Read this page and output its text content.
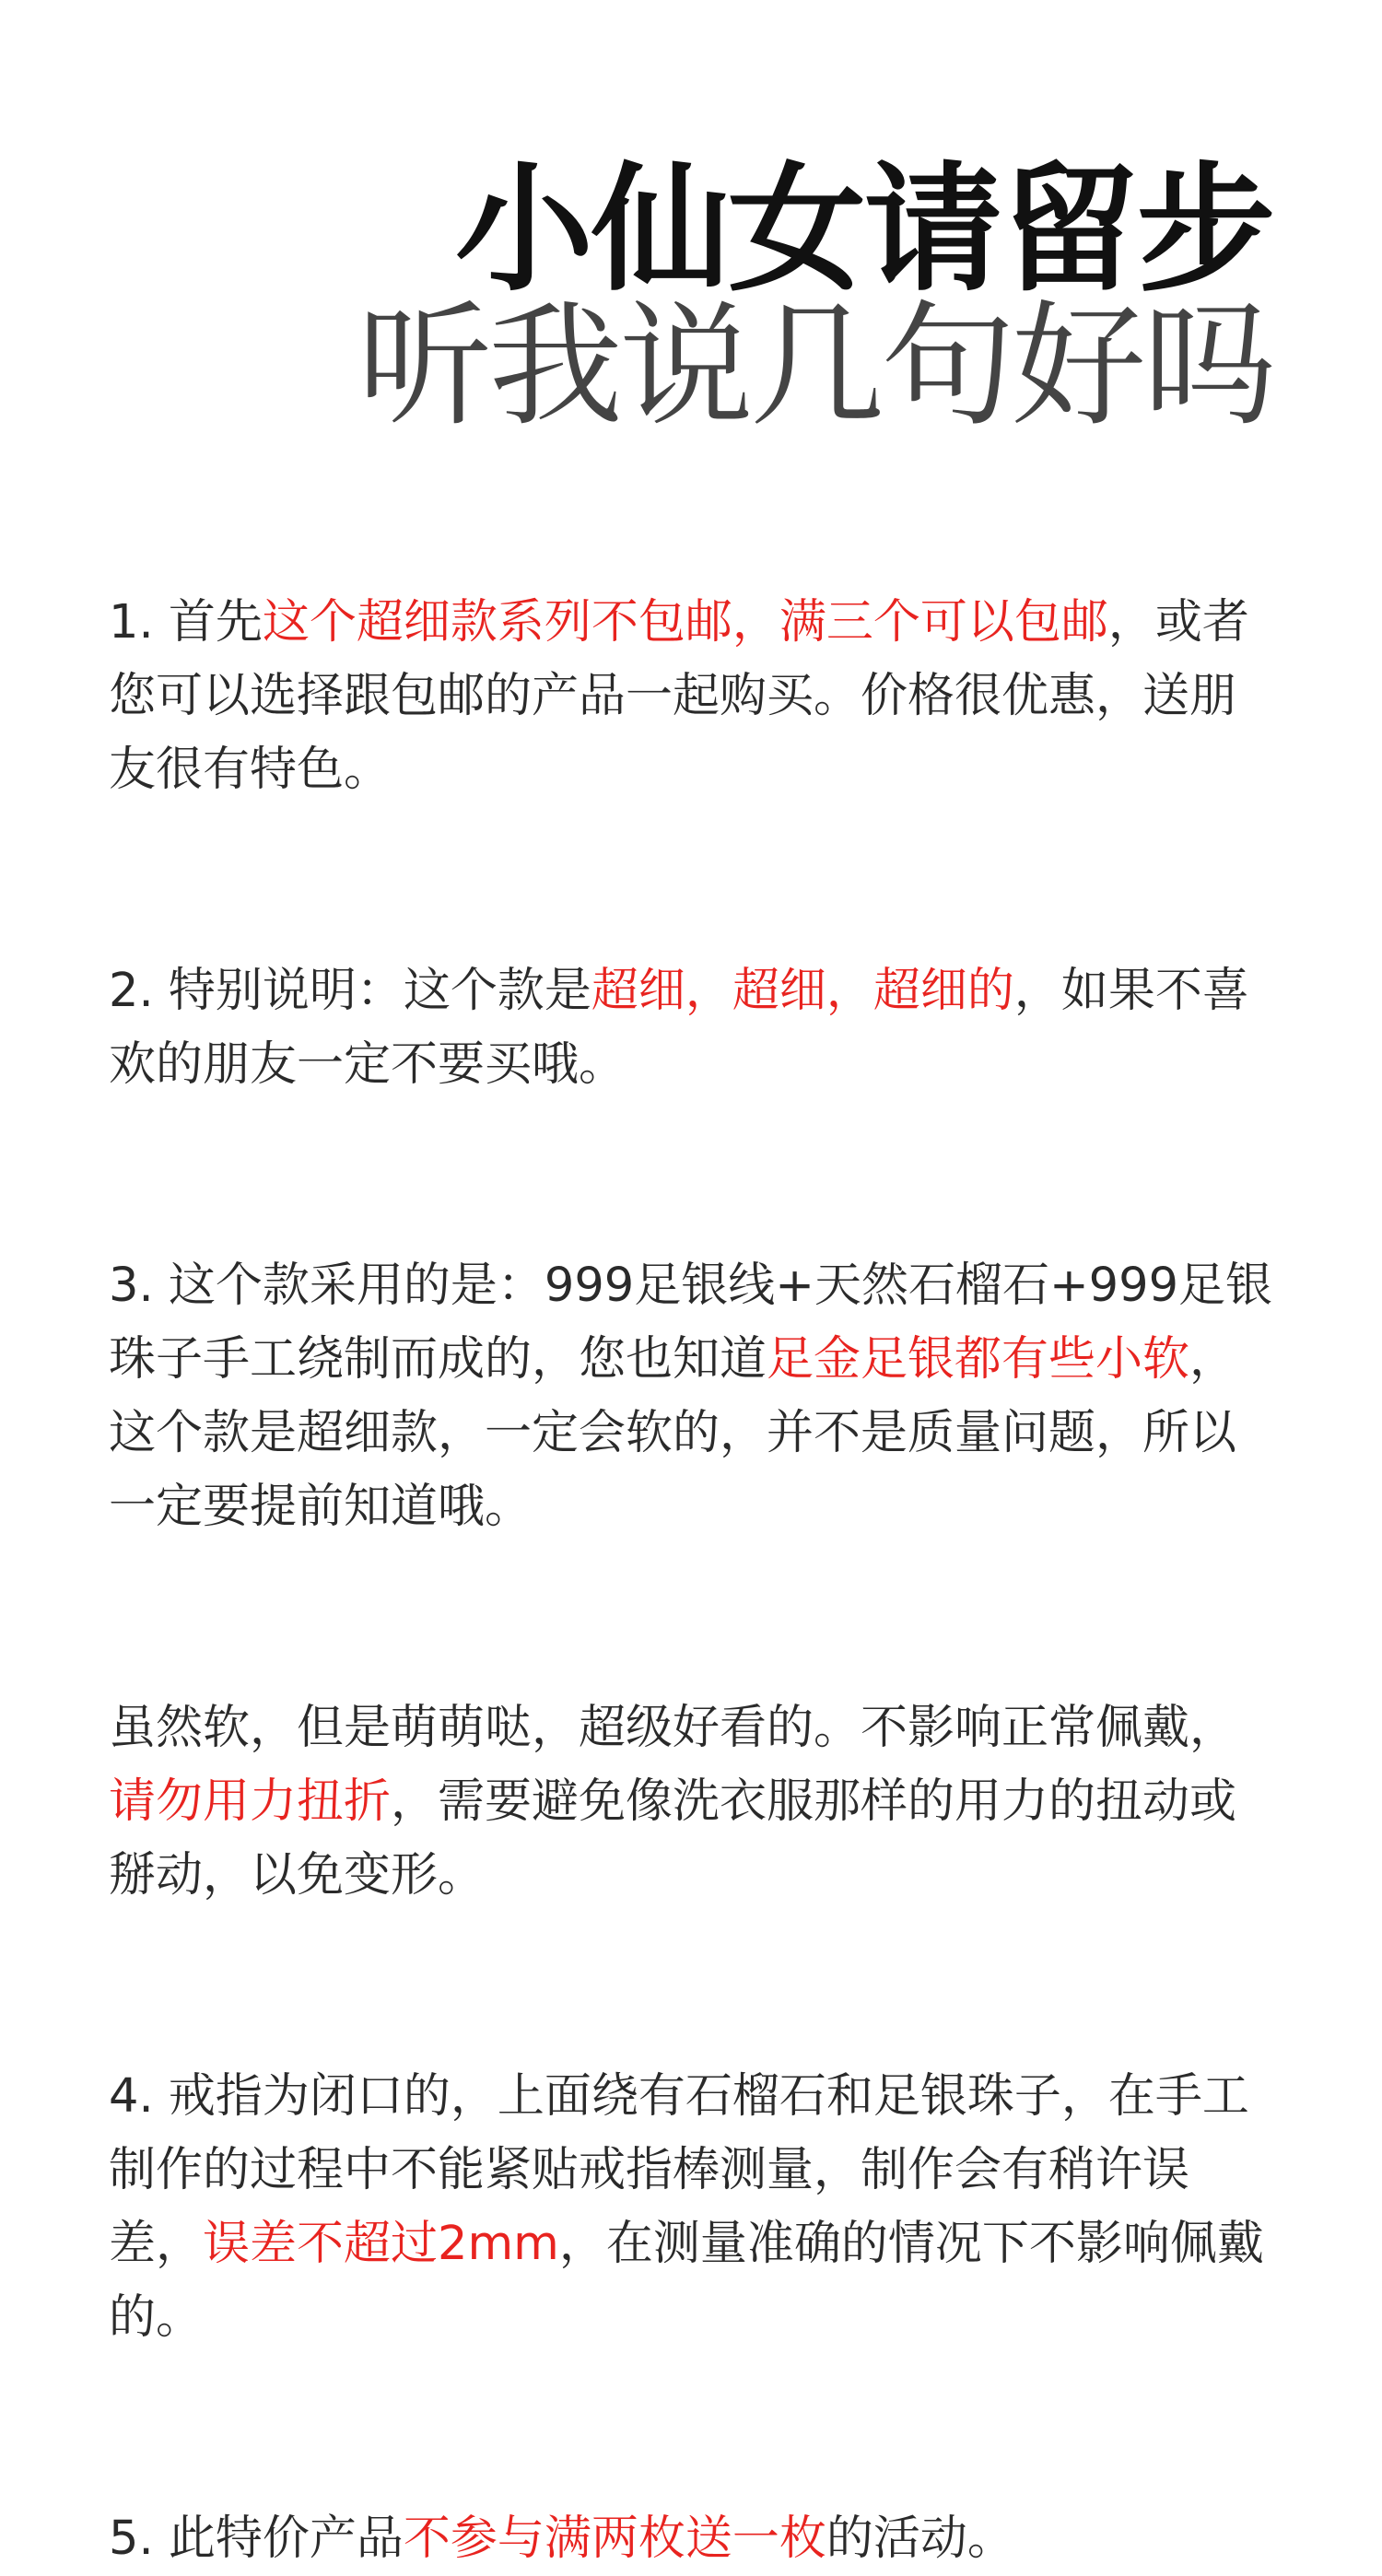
小仙女请留步
听我说几句好吗

1. 首先这个超细款系列不包邮，满三个可以包邮，或者您可以选择跟包邮的产品一起购买。价格很优惠，送朋友很有特色。

2. 特别说明：这个款是超细，超细，超细的，如果不喜欢的朋友一定不要买哦。

3. 这个款采用的是：999足银线+天然石榴石+999足银珠子手工绕制而成的，您也知道足金足银都有些小软，这个款是超细款，一定会软的，并不是质量问题，所以一定要提前知道哦。

虽然软，但是萌萌哒，超级好看的。不影响正常佩戴，请勿用力扭折，需要避免像洗衣服那样的用力的扭动或掰动，以免变形。

4. 戒指为闭口的，上面绕有石榴石和足银珠子，在手工制作的过程中不能紧贴戒指棒测量，制作会有稍许误差，误差不超过2mm，在测量准确的情况下不影响佩戴的。

5. 此特价产品不参与满两枚送一枚的活动。
